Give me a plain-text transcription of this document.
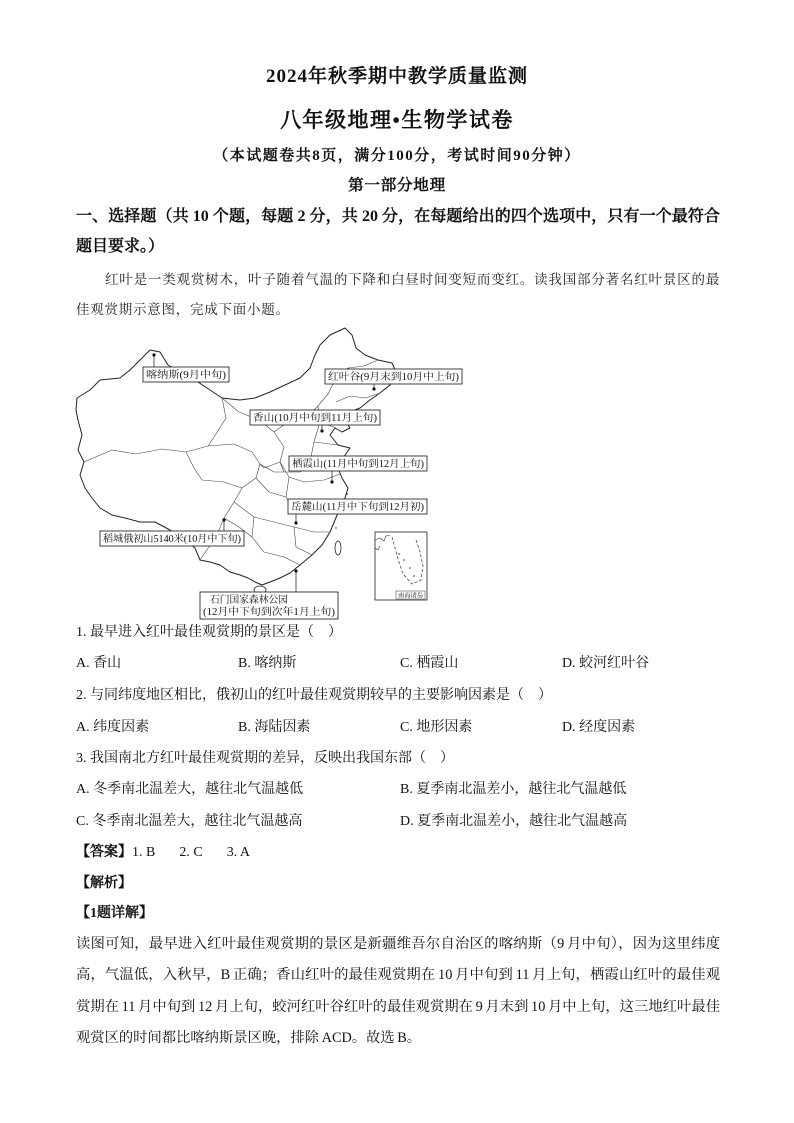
2024年秋季期中教学质量监测
八年级地理•生物学试卷
（本试题卷共8页，满分100分，考试时间90分钟）
第一部分地理
一、选择题（共 10 个题，每题 2 分，共 20 分，在每题给出的四个选项中，只有一个最符合题目要求。）
红叶是一类观赏树木，叶子随着气温的下降和白昼时间变短而变红。读我国部分著名红叶景区的最佳观赏期示意图，完成下面小题。
喀纳斯(9月中旬)	红叶谷(9月末到10月中上旬)
香山(10月中旬到11月上旬)
栖霞山(11月中旬到12月上旬)
岳麓山(11月中下旬到12月初)
稻城俄初山5140米(10月中下旬)
石门国家森林公园
(12月中下旬到次年1月上旬)
南海诸岛
1. 最早进入红叶最佳观赏期的景区是（    ）
A. 香山	B. 喀纳斯	C. 栖霞山	D. 蛟河红叶谷
2. 与同纬度地区相比，俄初山的红叶最佳观赏期较早的主要影响因素是（    ）
A. 纬度因素	B. 海陆因素	C. 地形因素	D. 经度因素
3. 我国南北方红叶最佳观赏期的差异，反映出我国东部（    ）
A. 冬季南北温差大，越往北气温越低	B. 夏季南北温差小，越往北气温越低
C. 冬季南北温差大，越往北气温越高	D. 夏季南北温差小，越往北气温越高
【答案】1. B 2. C 3. A
【解析】
【1题详解】
读图可知，最早进入红叶最佳观赏期的景区是新疆维吾尔自治区的喀纳斯（9 月中旬），因为这里纬度高，气温低，入秋早，B 正确；香山红叶的最佳观赏期在 10 月中旬到 11 月上旬，栖霞山红叶的最佳观赏期在 11 月中旬到 12 月上旬，蛟河红叶谷红叶的最佳观赏期在 9 月末到 10 月中上旬，这三地红叶最佳观赏区的时间都比喀纳斯景区晚，排除 ACD。故选 B。
